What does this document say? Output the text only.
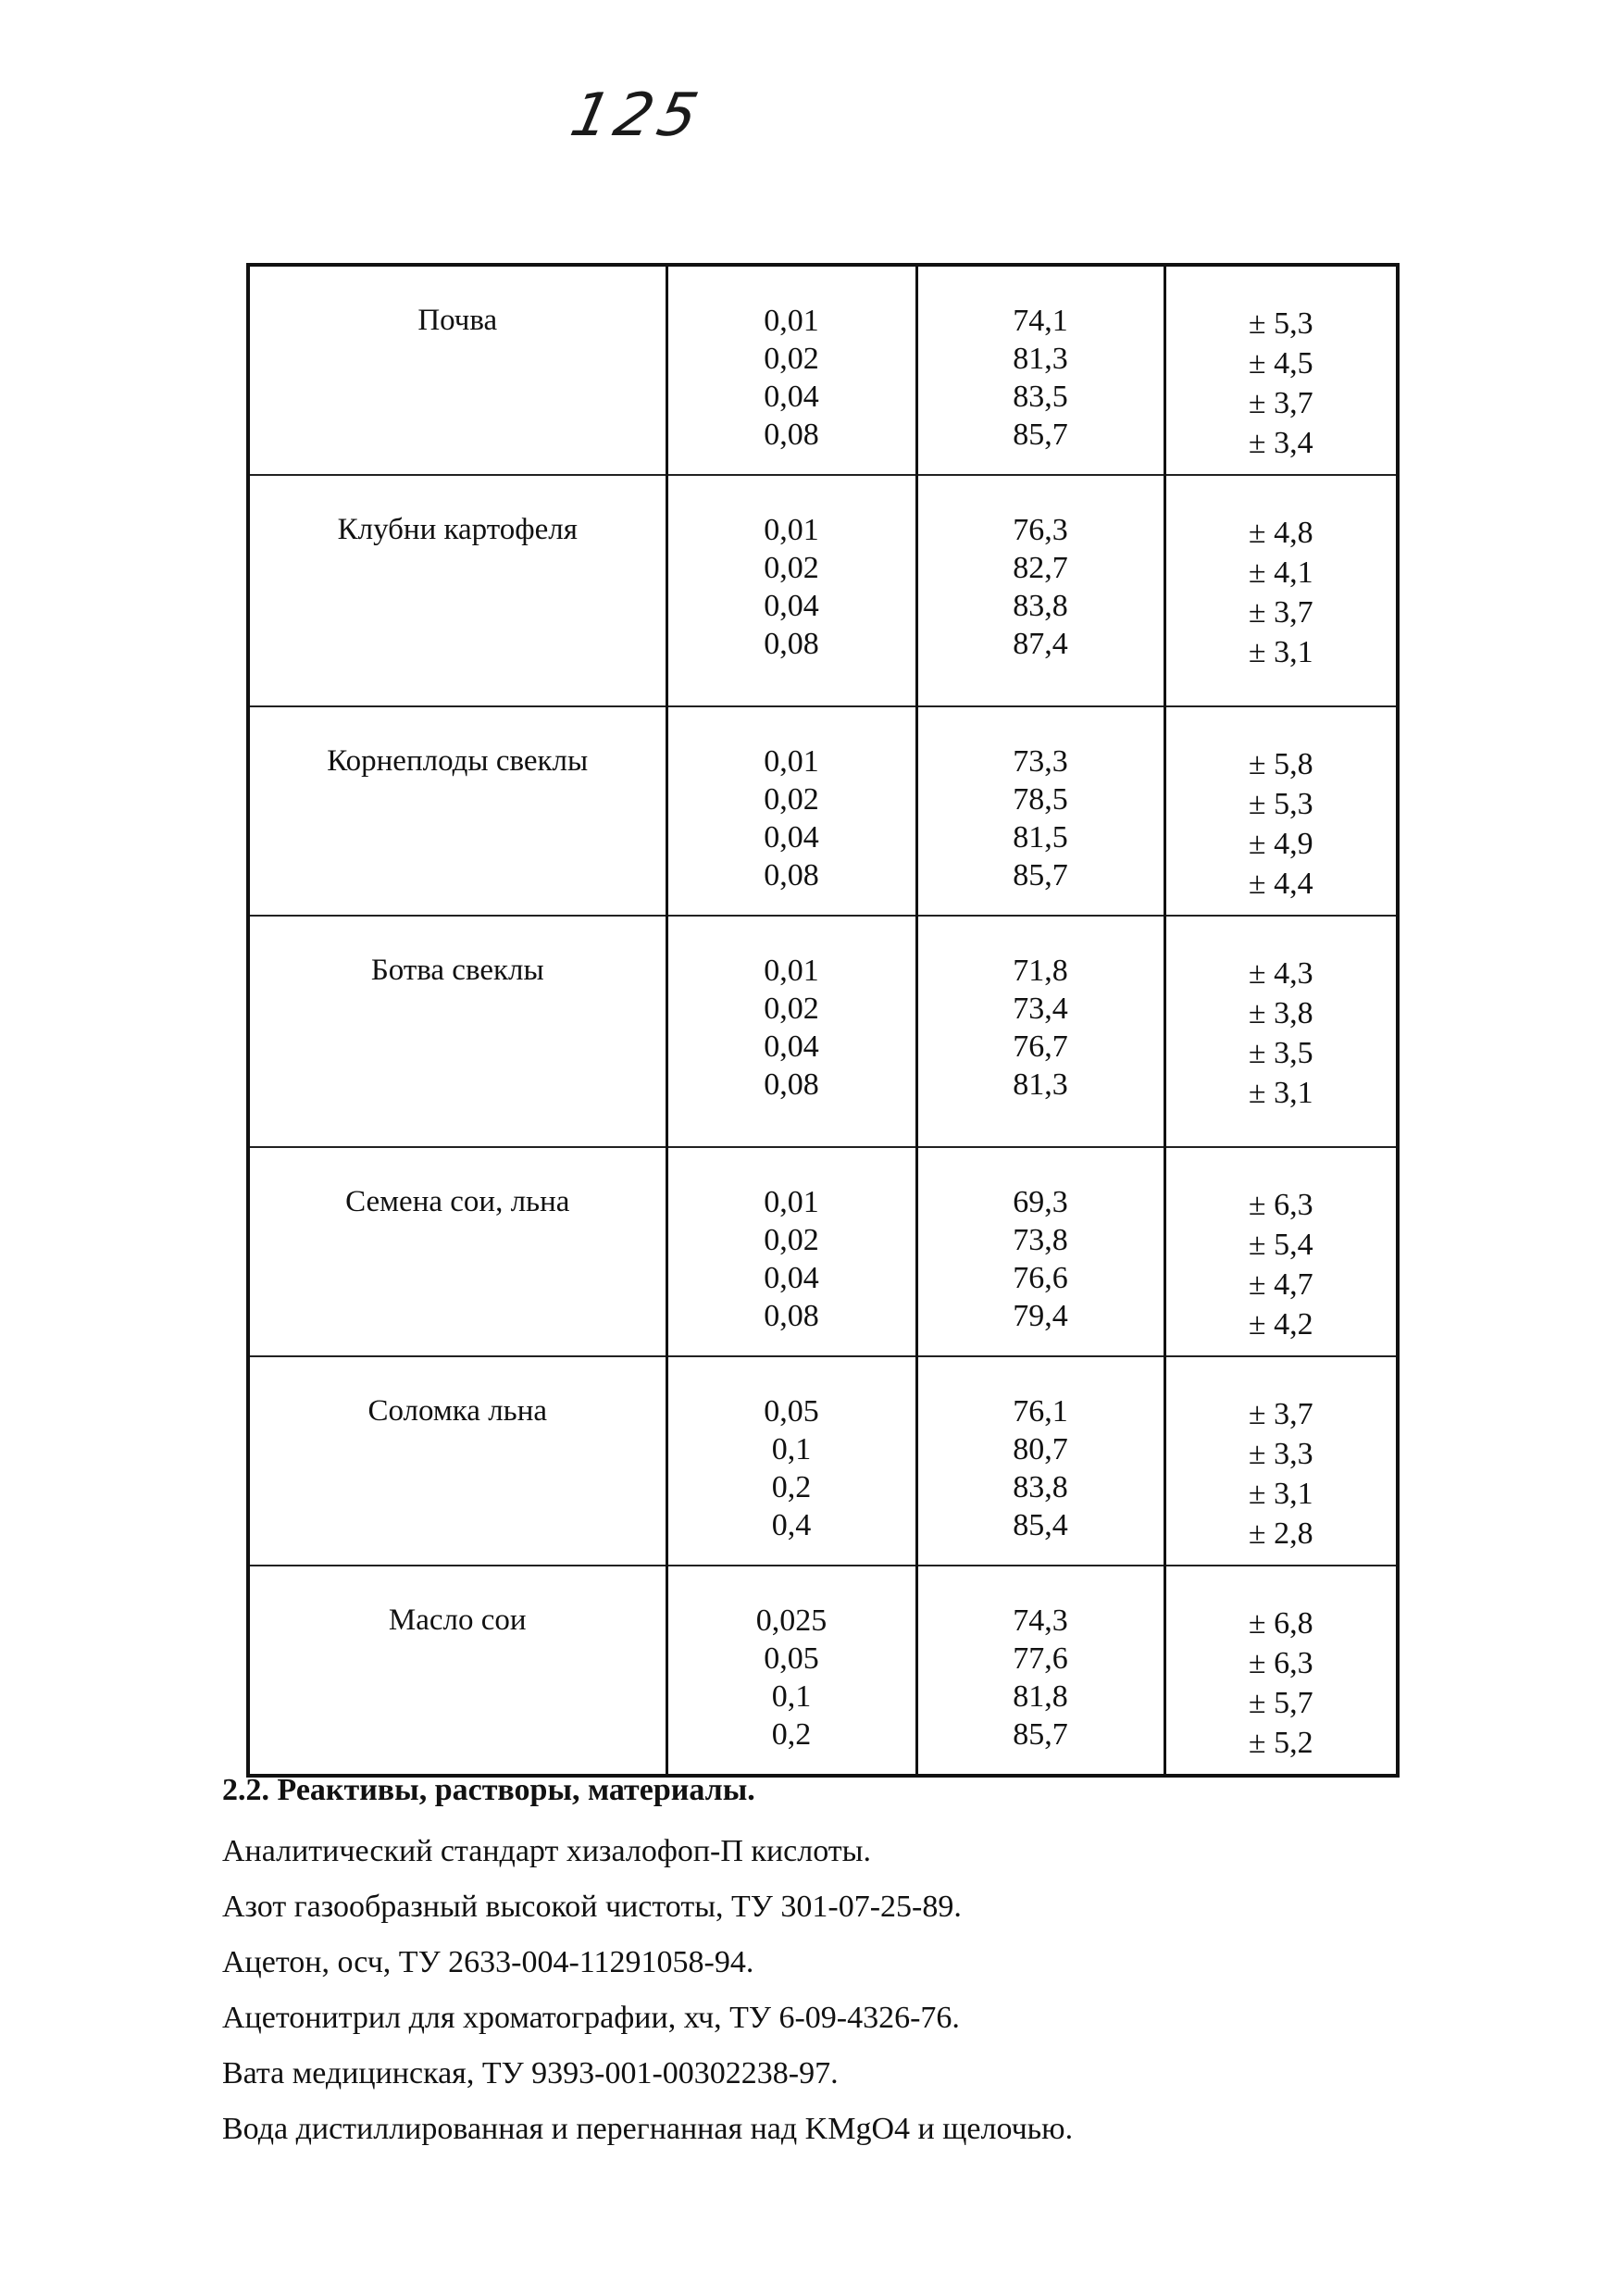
125
Почва	0,01
0,02
0,04
0,08	74,1
81,3
83,5
85,7	± 5,3
± 4,5
± 3,7
± 3,4

Клубни картофеля	0,01
0,02
0,04
0,08	76,3
82,7
83,8
87,4	± 4,8
± 4,1
± 3,7
± 3,1

Корнеплоды свеклы	0,01
0,02
0,04
0,08	73,3
78,5
81,5
85,7	± 5,8
± 5,3
± 4,9
± 4,4

Ботва свеклы	0,01
0,02
0,04
0,08	71,8
73,4
76,7
81,3	± 4,3
± 3,8
± 3,5
± 3,1

Семена сои, льна	0,01
0,02
0,04
0,08	69,3
73,8
76,6
79,4	± 6,3
± 5,4
± 4,7
± 4,2

Соломка льна	0,05
0,1
0,2
0,4	76,1
80,7
83,8
85,4	± 3,7
± 3,3
± 3,1
± 2,8

Масло сои	0,025
0,05
0,1
0,2	74,3
77,6
81,8
85,7	± 6,8
± 6,3
± 5,7
± 5,2

2.2. Реактивы, растворы, материалы.

Аналитический стандарт хизалофоп-П кислоты.

Азот газообразный высокой чистоты, ТУ 301-07-25-89.

Ацетон, осч, ТУ 2633-004-11291058-94.

Ацетонитрил для хроматографии, хч, ТУ 6-09-4326-76.

Вата медицинская, ТУ 9393-001-00302238-97.

Вода дистиллированная и перегнанная над KMgO4 и щелочью.
